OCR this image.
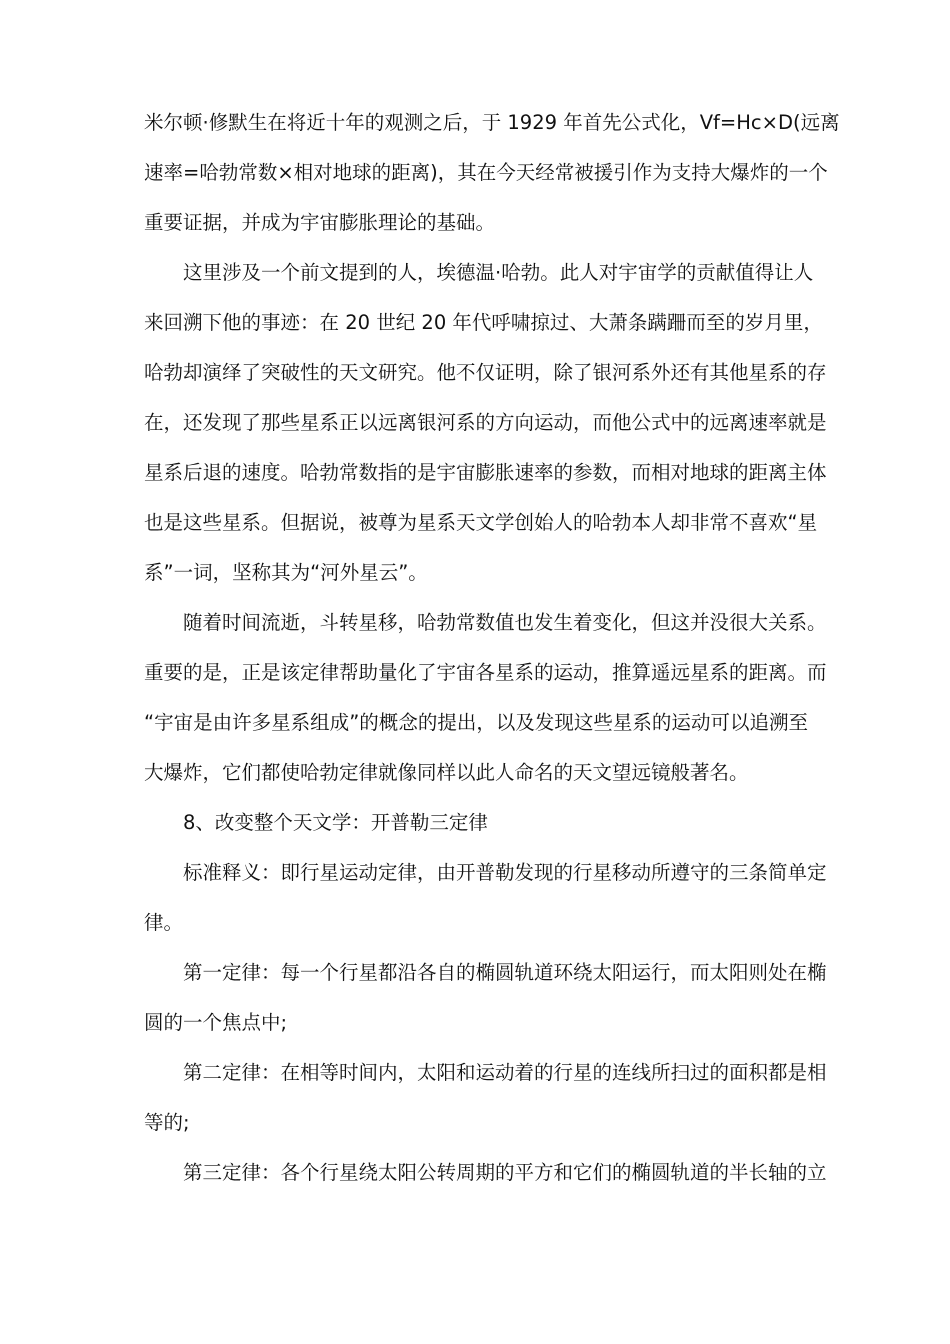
米尔顿·修默生在将近十年的观测之后，于 1929 年首先公式化，Vf=Hc×D(远离
速率=哈勃常数×相对地球的距离)，其在今天经常被援引作为支持大爆炸的一个
重要证据，并成为宇宙膨胀理论的基础。
这里涉及一个前文提到的人，埃德温·哈勃。此人对宇宙学的贡献值得让人
来回溯下他的事迹：在 20 世纪 20 年代呼啸掠过、大萧条蹒跚而至的岁月里，
哈勃却演绎了突破性的天文研究。他不仅证明，除了银河系外还有其他星系的存
在，还发现了那些星系正以远离银河系的方向运动，而他公式中的远离速率就是
星系后退的速度。哈勃常数指的是宇宙膨胀速率的参数，而相对地球的距离主体
也是这些星系。但据说，被尊为星系天文学创始人的哈勃本人却非常不喜欢“星
系”一词，坚称其为“河外星云”。
随着时间流逝，斗转星移，哈勃常数值也发生着变化，但这并没很大关系。
重要的是，正是该定律帮助量化了宇宙各星系的运动，推算遥远星系的距离。而
“宇宙是由许多星系组成”的概念的提出，以及发现这些星系的运动可以追溯至
大爆炸，它们都使哈勃定律就像同样以此人命名的天文望远镜般著名。
8、改变整个天文学：开普勒三定律
标准释义：即行星运动定律，由开普勒发现的行星移动所遵守的三条简单定
律。
第一定律：每一个行星都沿各自的椭圆轨道环绕太阳运行，而太阳则处在椭
圆的一个焦点中;
第二定律：在相等时间内，太阳和运动着的行星的连线所扫过的面积都是相
等的;
第三定律：各个行星绕太阳公转周期的平方和它们的椭圆轨道的半长轴的立
